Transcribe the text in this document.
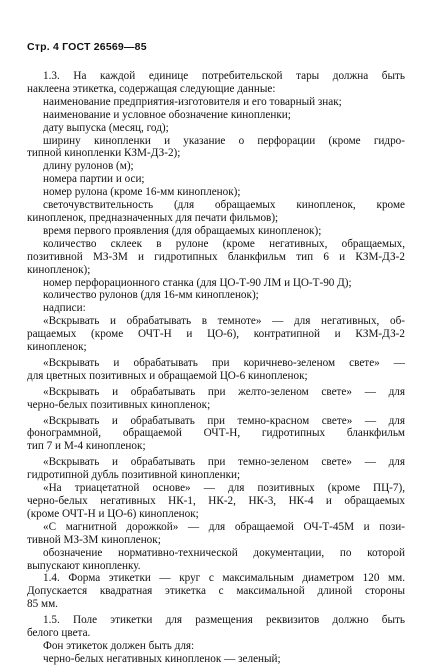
Стр. 4 ГОСТ 26569—85
1.3. На каждой единице потребительской тары должна быть
наклеена этикетка, содержащая следующие данные:
наименование предприятия-изготовителя и его товарный знак;
наименование и условное обозначение кинопленки;
дату выпуска (месяц, год);
ширину кинопленки и указание о перфорации (кроме гидро-
типной кинопленки КЗМ-ДЗ-2);
длину рулонов (м);
номера партии и оси;
номер рулона (кроме 16-мм кинопленок);
светочувствительность (для обращаемых кинопленок, кроме
кинопленок, предназначенных для печати фильмов);
время первого проявления (для обращаемых кинопленок);
количество склеек в рулоне (кроме негативных, обращаемых,
позитивной МЗ-ЗМ и гидротипных бланкфильм тип 6 и КЗМ-ДЗ-2
кинопленок);
номер перфорационного станка (для ЦО-Т-90 ЛМ и ЦО-Т-90 Д);
количество рулонов (для 16-мм кинопленок);
надписи:
«Вскрывать и обрабатывать в темноте» — для негативных, об-
ращаемых (кроме ОЧТ-Н и ЦО-6), контратипной и КЗМ-ДЗ-2
кинопленок;
«Вскрывать и обрабатывать при коричнево-зеленом свете» —
для цветных позитивных и обращаемой ЦО-6 кинопленок;
«Вскрывать и обрабатывать при желто-зеленом свете» — для
черно-белых позитивных кинопленок;
«Вскрывать и обрабатывать при темно-красном свете» — для
фонограммной, обращаемой ОЧТ-Н, гидротипных бланкфильм
тип 7 и М-4 кинопленок;
«Вскрывать и обрабатывать при темно-зеленом свете» — для
гидротипной дубль позитивной кинопленки;
«На триацетатной основе» — для позитивных (кроме ПЦ-7),
черно-белых негативных НК-1, НК-2, НК-3, НК-4 и обращаемых
(кроме ОЧТ-Н и ЦО-6) кинопленок;
«С магнитной дорожкой» — для обращаемой ОЧ-Т-45М и пози-
тивной МЗ-ЗМ кинопленок;
обозначение нормативно-технической документации, по которой
выпускают кинопленку.
1.4. Форма этикетки — круг с максимальным диаметром 120 мм.
Допускается квадратная этикетка с максимальной длиной стороны
85 мм.
1.5. Поле этикетки для размещения реквизитов должно быть
белого цвета.
Фон этикеток должен быть для:
черно-белых негативных кинопленок — зеленый;
